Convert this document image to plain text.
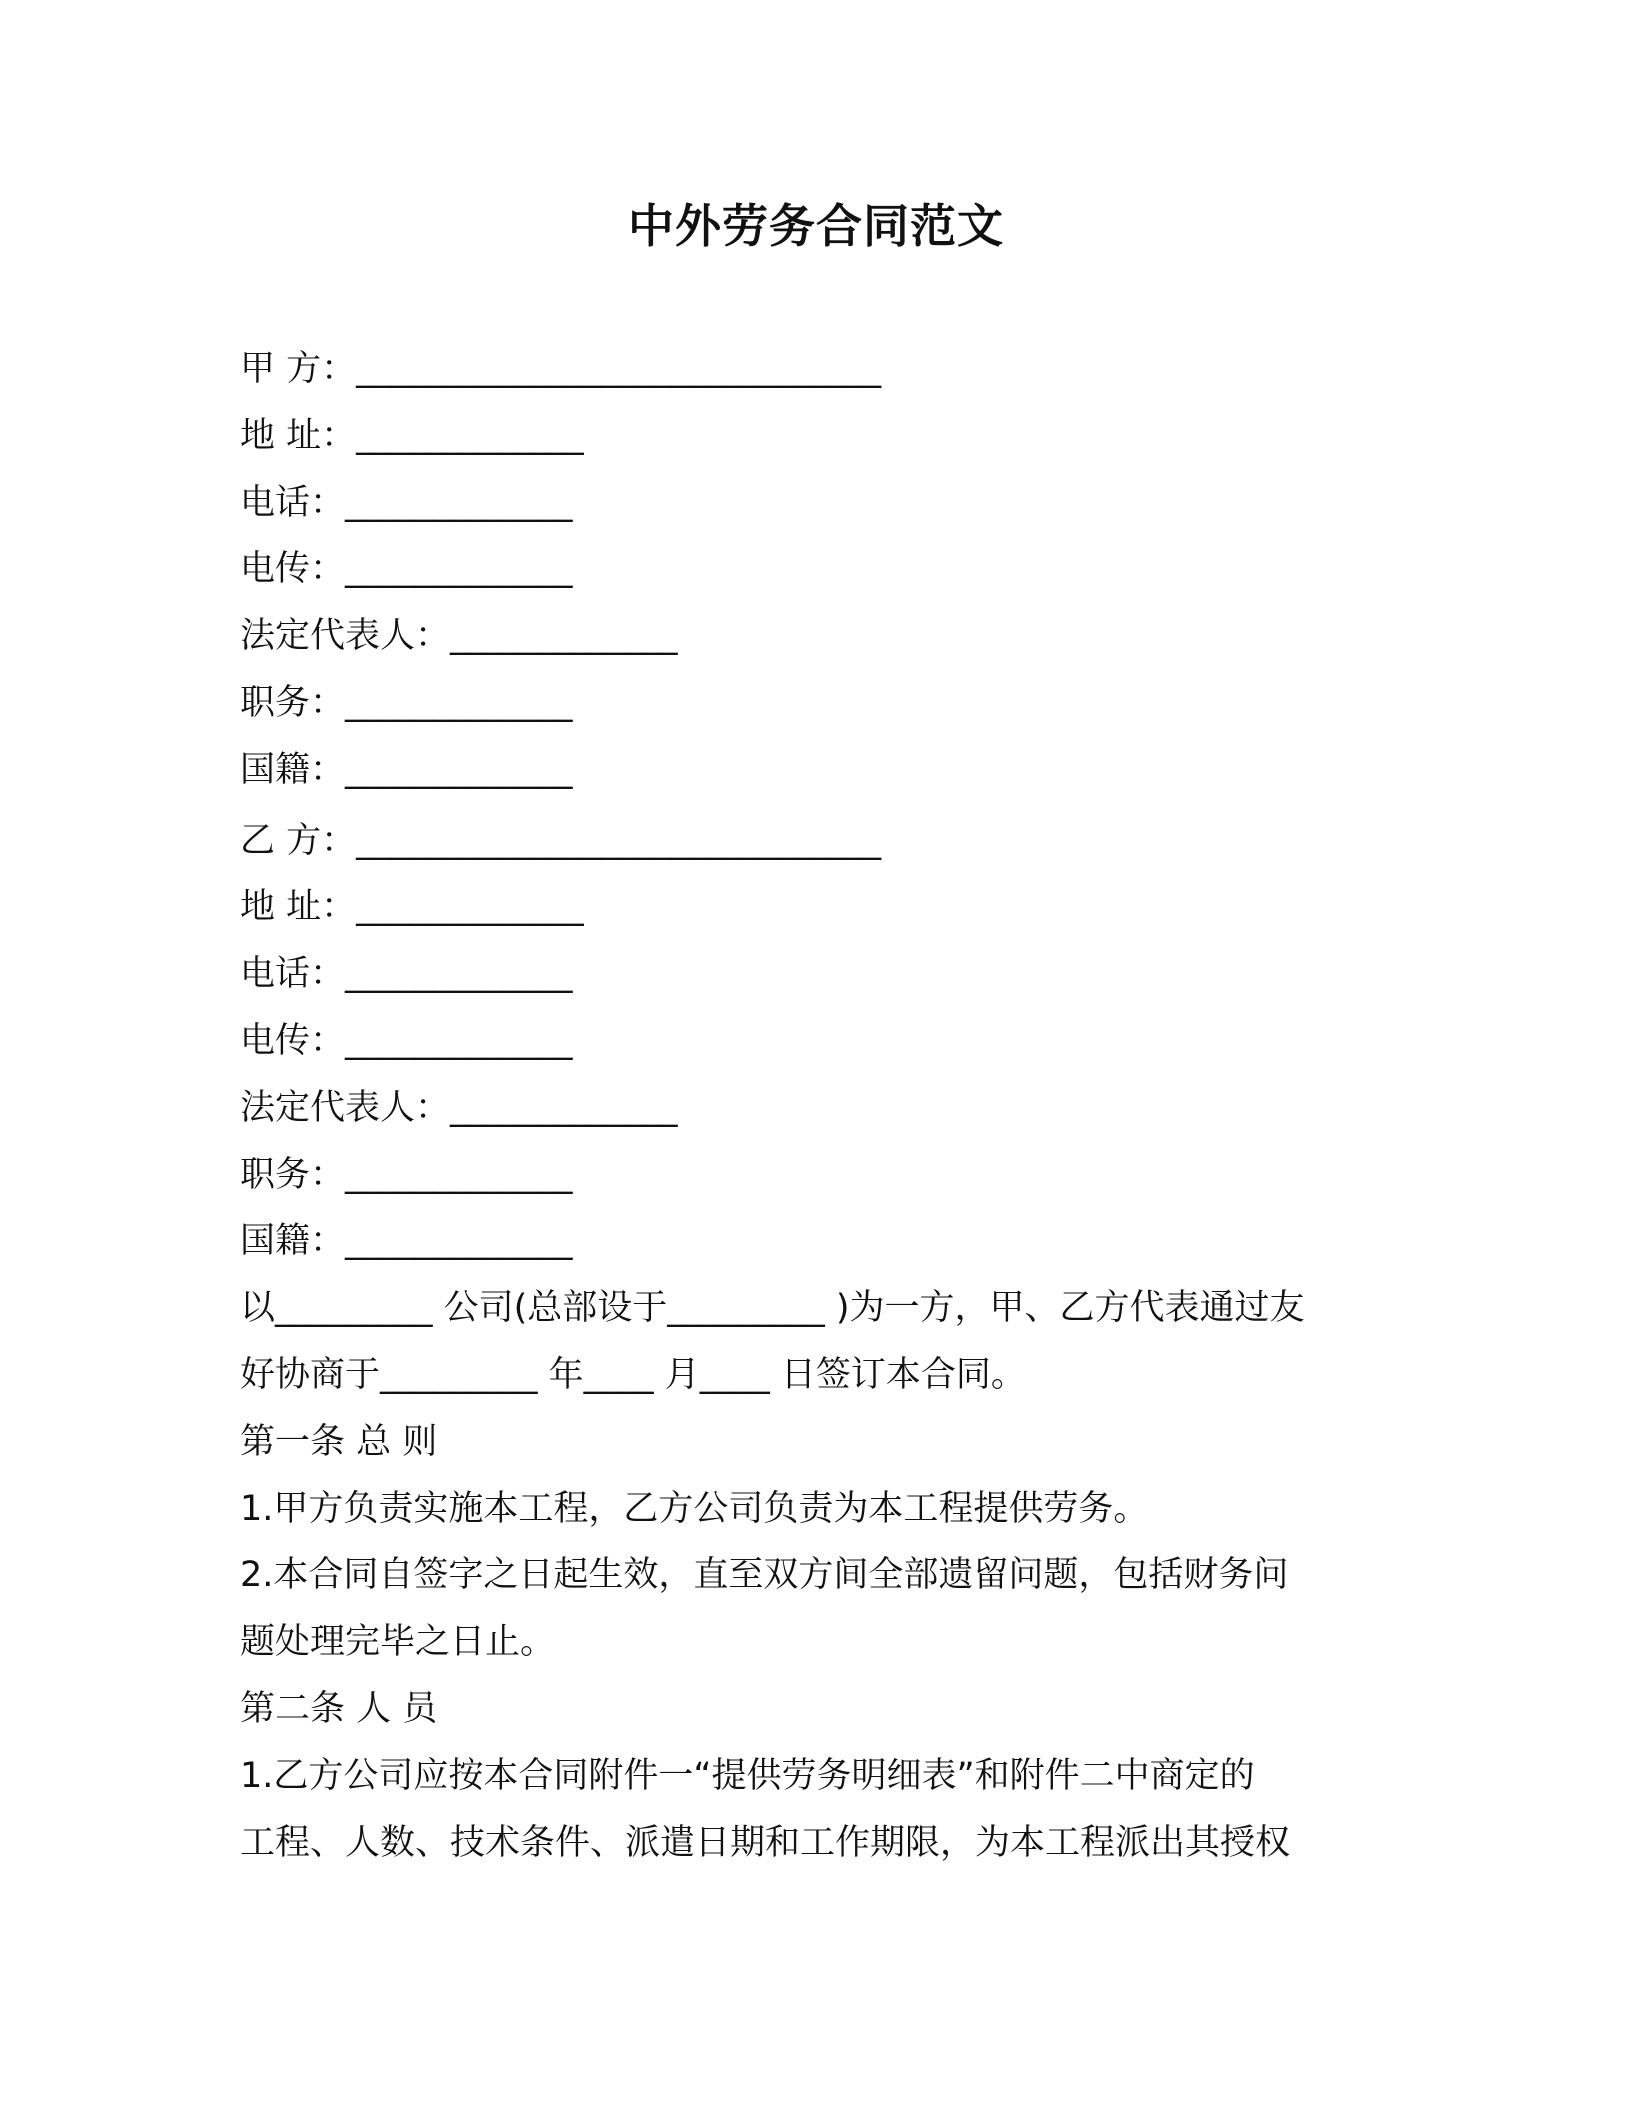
中外劳务合同范文
甲 方：______________________________
地 址：_____________
电话：_____________
电传：_____________
法定代表人：_____________
职务：_____________
国籍：_____________
乙 方：______________________________
地 址：_____________
电话：_____________
电传：_____________
法定代表人：_____________
职务：_____________
国籍：_____________
以_________ 公司(总部设于_________ )为一方，甲、乙方代表通过友
好协商于_________ 年____ 月____ 日签订本合同。
第一条 总 则
1.甲方负责实施本工程，乙方公司负责为本工程提供劳务。
2.本合同自签字之日起生效，直至双方间全部遗留问题，包括财务问
题处理完毕之日止。
第二条 人 员
1.乙方公司应按本合同附件一“提供劳务明细表”和附件二中商定的
工程、人数、技术条件、派遣日期和工作期限，为本工程派出其授权
